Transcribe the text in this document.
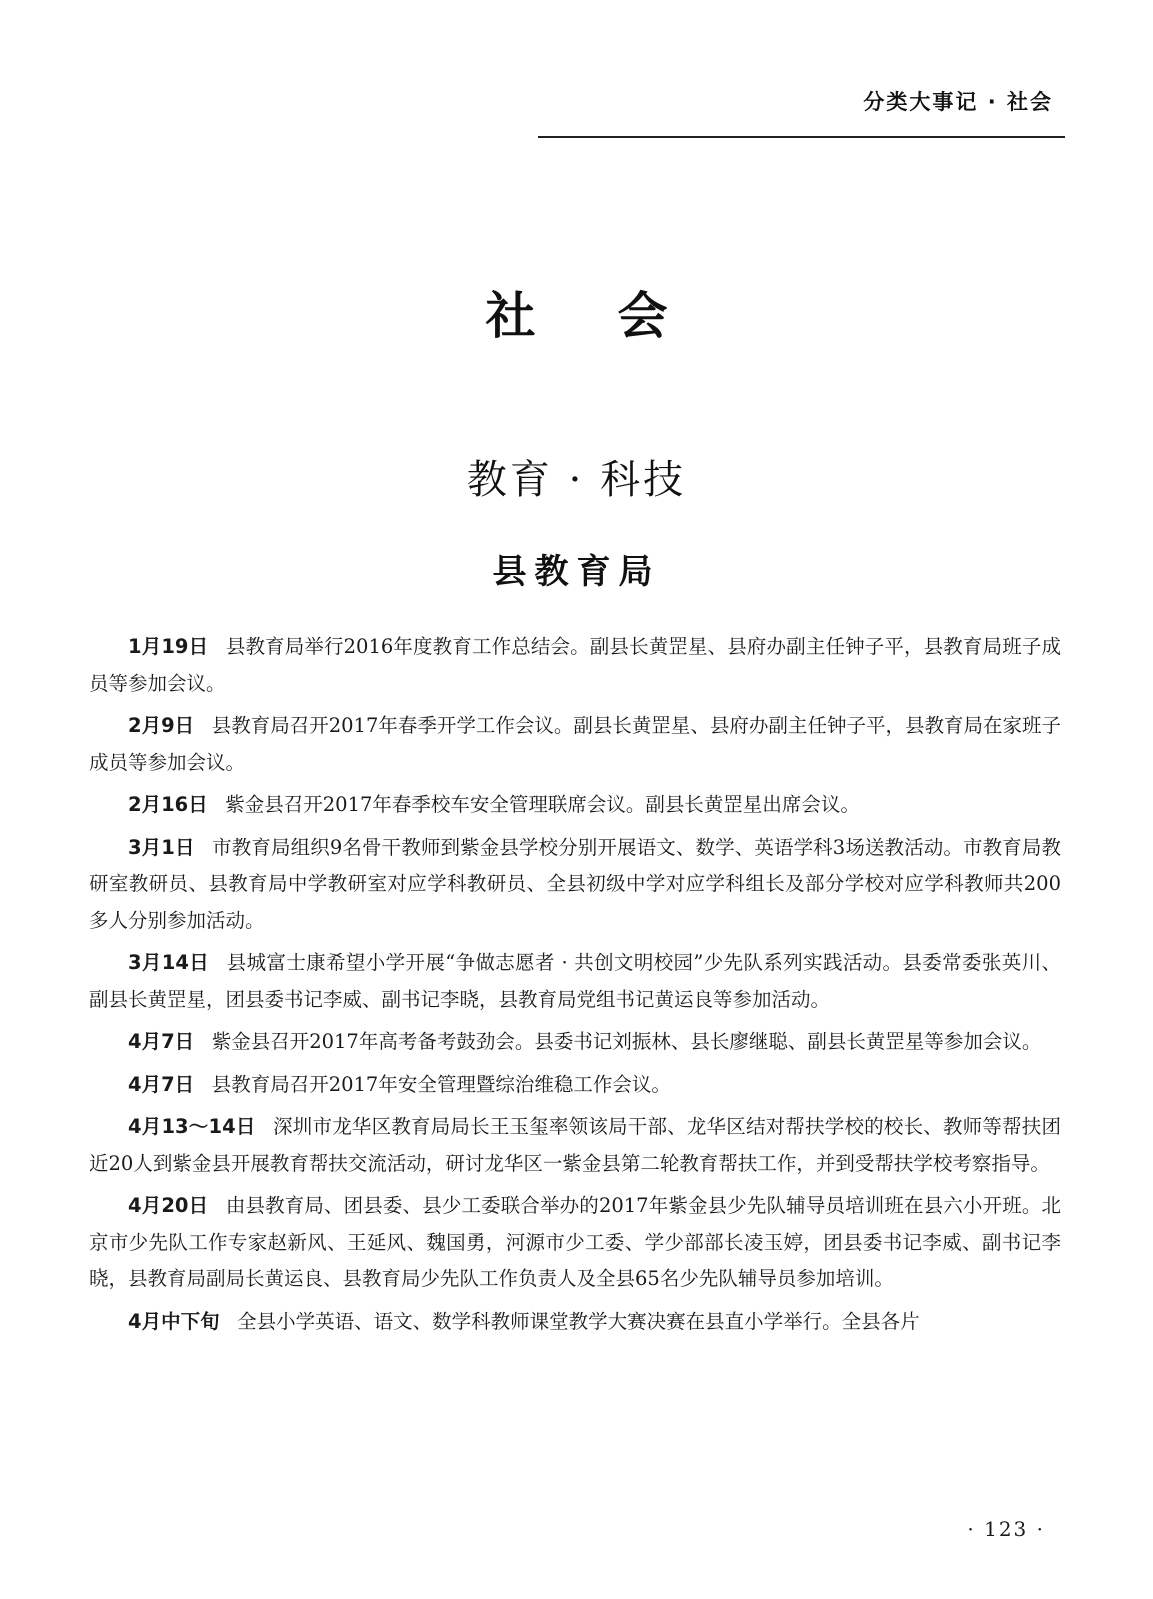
分类大事记 · 社会
社会
教育 · 科技
县教育局

1月19日 县教育局举行2016年度教育工作总结会。副县长黄罡星、县府办副主任钟子平，县教育局班子成员等参加会议。

2月9日 县教育局召开2017年春季开学工作会议。副县长黄罡星、县府办副主任钟子平，县教育局在家班子成员等参加会议。

2月16日 紫金县召开2017年春季校车安全管理联席会议。副县长黄罡星出席会议。

3月1日 市教育局组织9名骨干教师到紫金县学校分别开展语文、数学、英语学科3场送教活动。市教育局教研室教研员、县教育局中学教研室对应学科教研员、全县初级中学对应学科组长及部分学校对应学科教师共200多人分别参加活动。

3月14日 县城富士康希望小学开展“争做志愿者 · 共创文明校园”少先队系列实践活动。县委常委张英川、副县长黄罡星，团县委书记李威、副书记李晓，县教育局党组书记黄运良等参加活动。

4月7日 紫金县召开2017年高考备考鼓劲会。县委书记刘振林、县长廖继聪、副县长黄罡星等参加会议。

4月7日 县教育局召开2017年安全管理暨综治维稳工作会议。

4月13～14日 深圳市龙华区教育局局长王玉玺率领该局干部、龙华区结对帮扶学校的校长、教师等帮扶团近20人到紫金县开展教育帮扶交流活动，研讨龙华区一紫金县第二轮教育帮扶工作，并到受帮扶学校考察指导。

4月20日 由县教育局、团县委、县少工委联合举办的2017年紫金县少先队辅导员培训班在县六小开班。北京市少先队工作专家赵新风、王延风、魏国勇，河源市少工委、学少部部长凌玉婷，团县委书记李威、副书记李晓，县教育局副局长黄运良、县教育局少先队工作负责人及全县65名少先队辅导员参加培训。

4月中下旬 全县小学英语、语文、数学科教师课堂教学大赛决赛在县直小学举行。全县各片

· 123 ·
